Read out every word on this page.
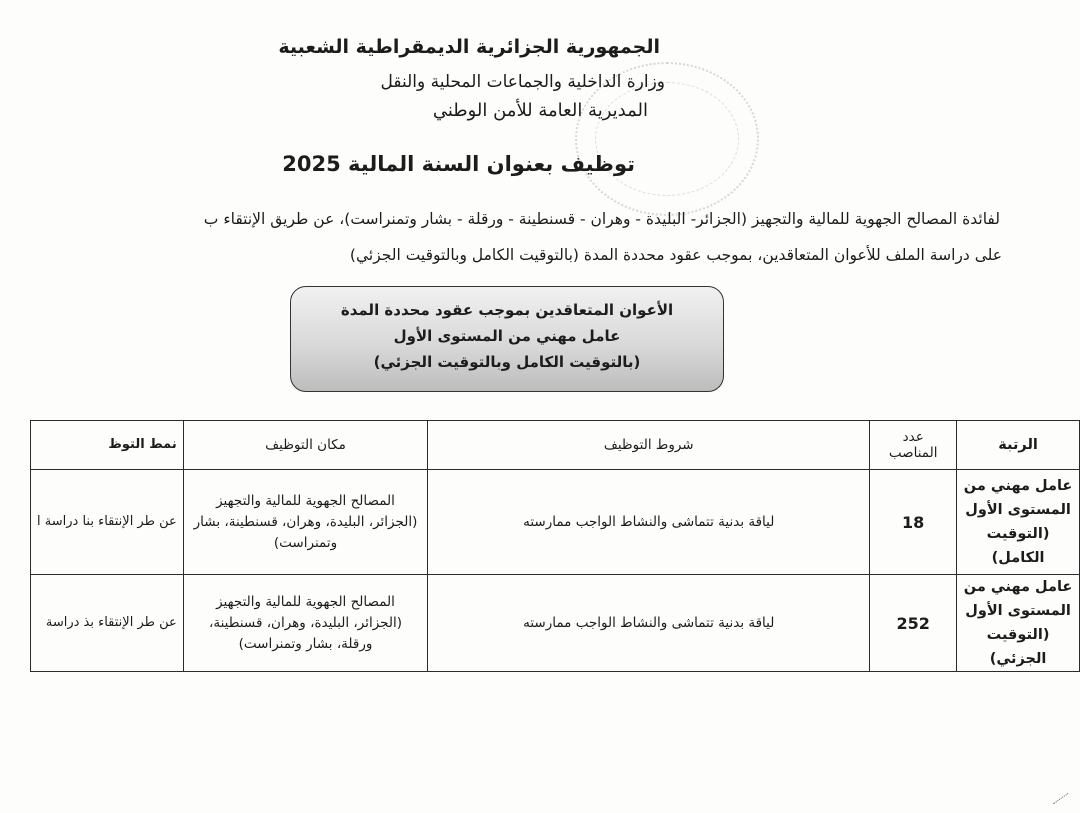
الجمهورية الجزائرية الديمقراطية الشعبية
وزارة الداخلية والجماعات المحلية والنقل
المديرية العامة للأمن الوطني
توظيف بعنوان السنة المالية 2025
لفائدة المصالح الجهوية للمالية والتجهيز (الجزائر- البليدة - وهران - قسنطينة - ورقلة - بشار وتمنراست)، عن طريق الإنتقاء ب
على دراسة الملف للأعوان المتعاقدين، بموجب عقود محددة المدة (بالتوقيت الكامل وبالتوقيت الجزئي)
الأعوان المتعاقدين بموجب عقود محددة المدة
عامل مهني من المستوى الأول
(بالتوقيت الكامل وبالتوقيت الجزئي)
الرتبة	عدد المناصب	شروط التوظيف	مكان التوظيف	نمط التوظ
عامل مهني من المستوى الأول (التوقيت الكامل)	18	لياقة بدنية تتماشى والنشاط الواجب ممارسته	المصالح الجهوية للمالية والتجهيز (الجزائر، البليدة، وهران، قسنطينة، بشار وتمنراست)	عن طر الإنتقاء بنا دراسة ا
عامل مهني من المستوى الأول (التوقيت الجزئي)	252	لياقة بدنية تتماشى والنشاط الواجب ممارسته	المصالح الجهوية للمالية والتجهيز (الجزائر، البليدة، وهران، قسنطينة، ورقلة، بشار وتمنراست)	عن طر الإنتقاء بذ دراسة
